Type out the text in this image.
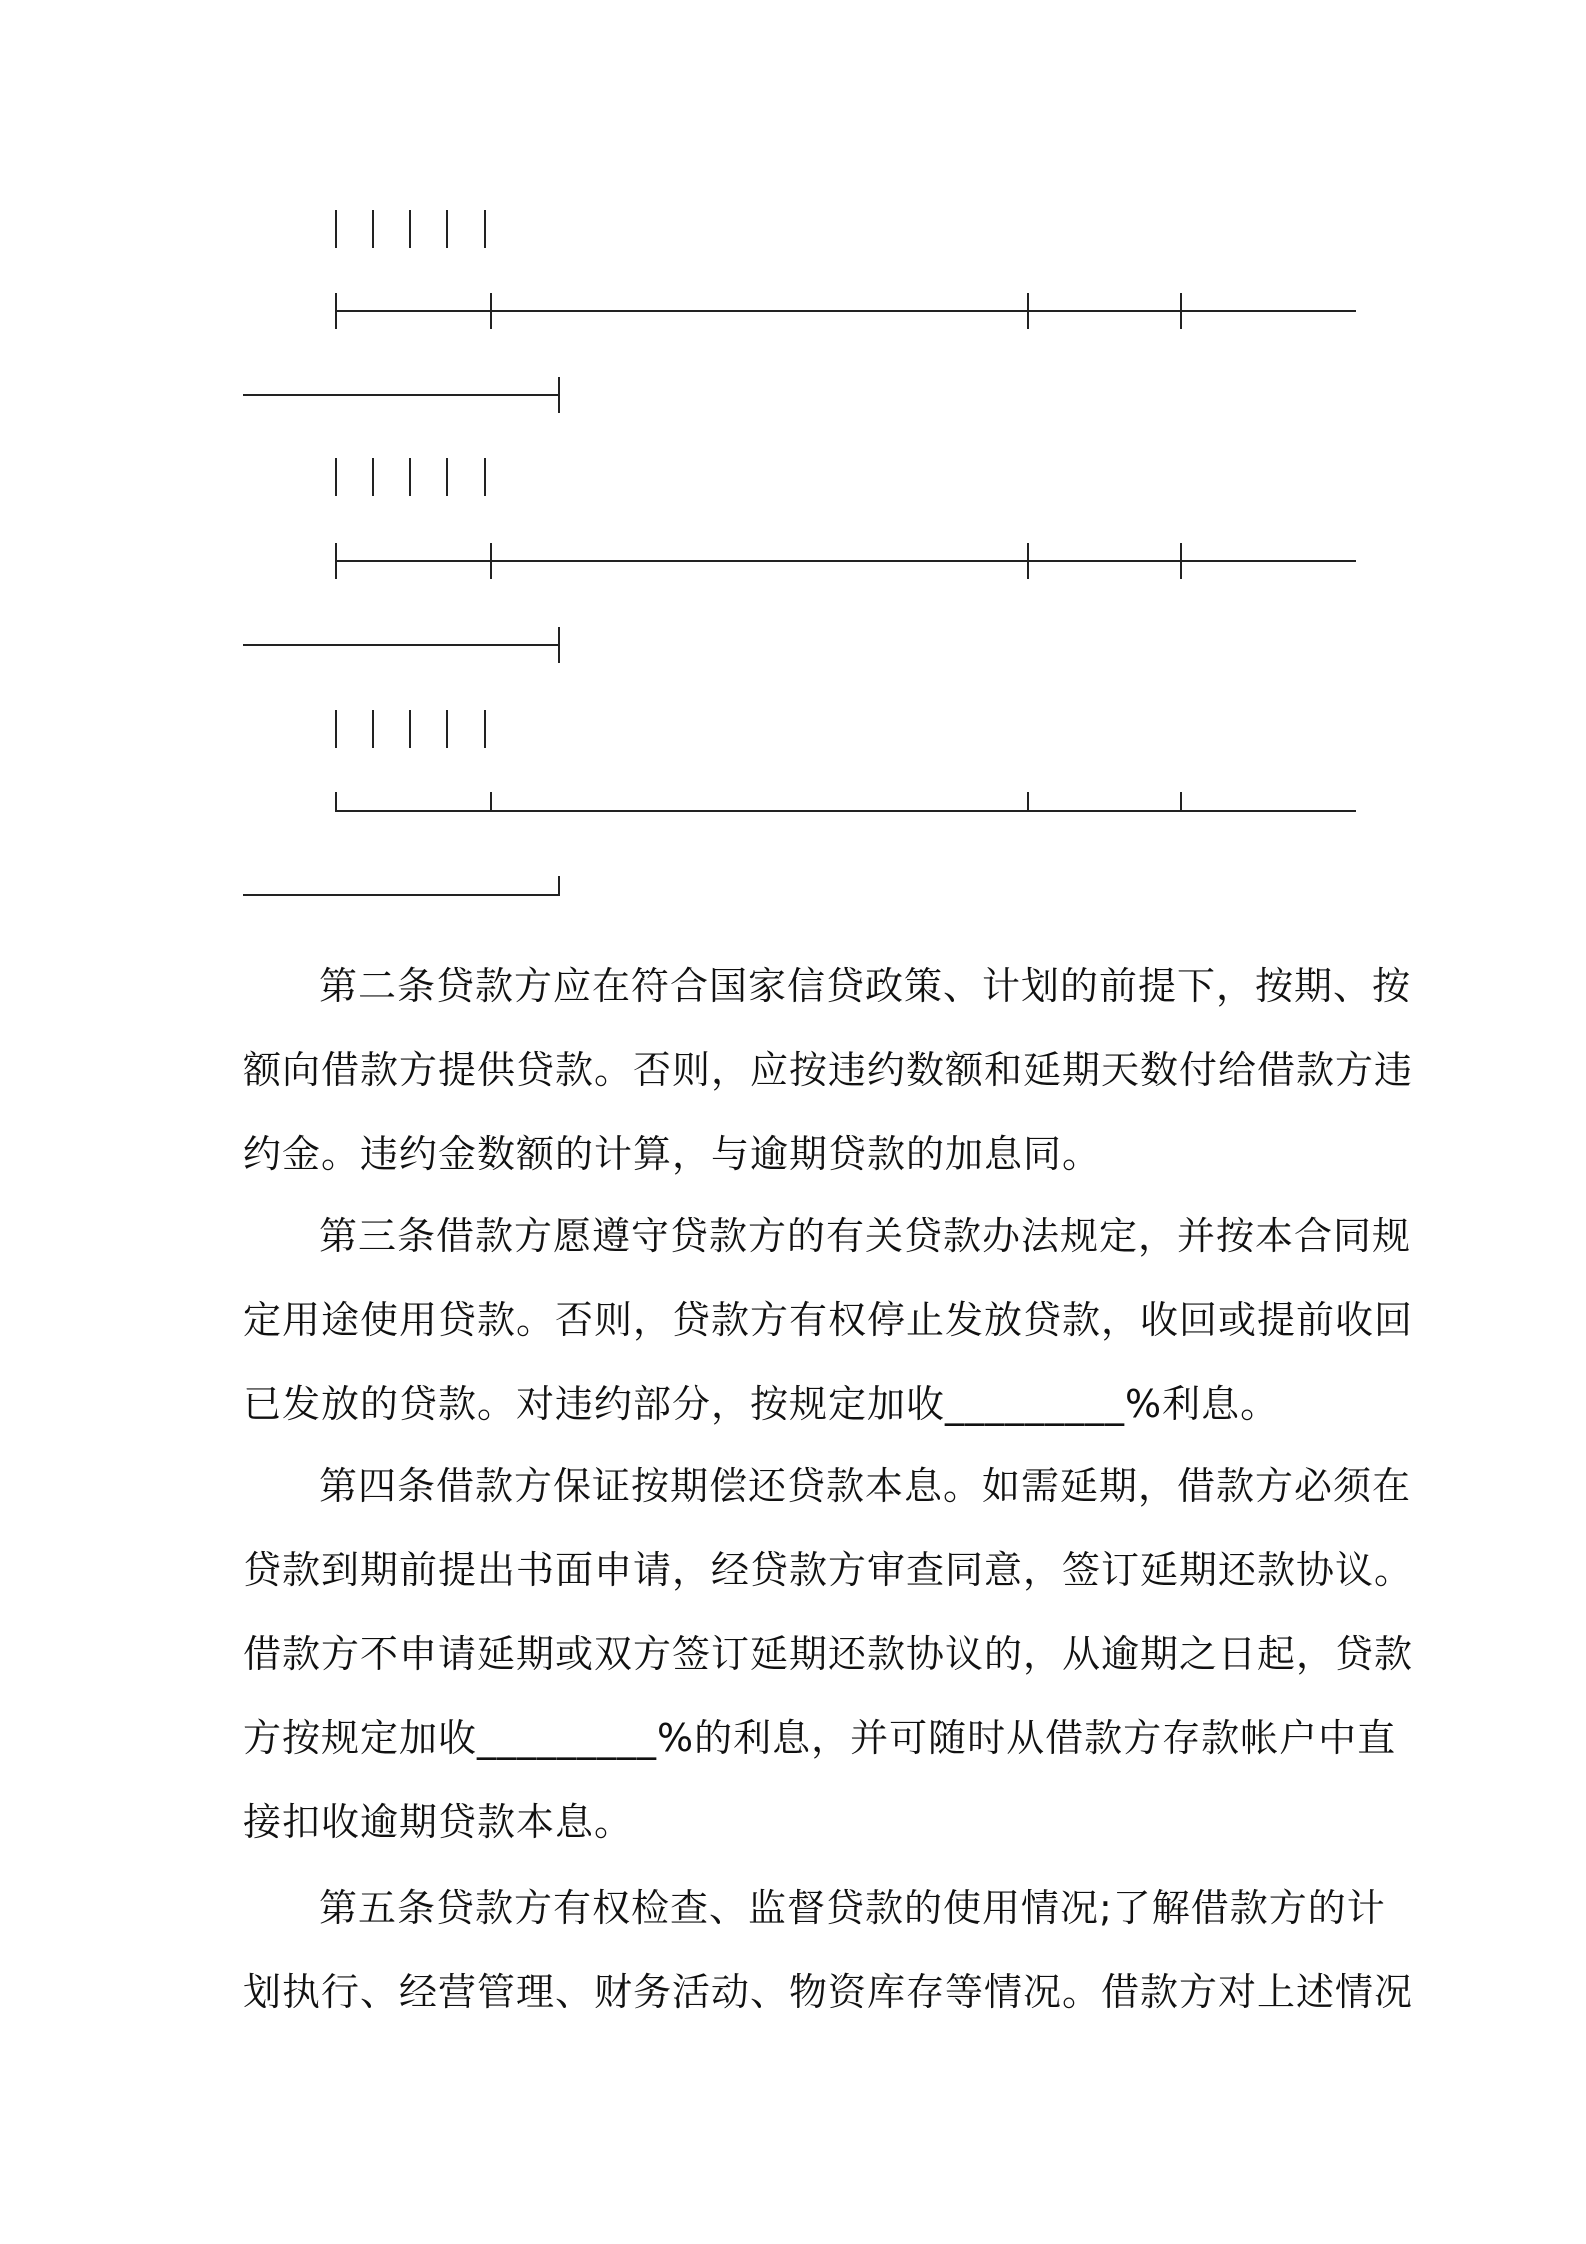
第二条贷款方应在符合国家信贷政策、计划的前提下，按期、按
额向借款方提供贷款。否则，应按违约数额和延期天数付给借款方违
约金。违约金数额的计算，与逾期贷款的加息同。

第三条借款方愿遵守贷款方的有关贷款办法规定，并按本合同规
定用途使用贷款。否则，贷款方有权停止发放贷款，收回或提前收回
已发放的贷款。对违约部分，按规定加收_________%利息。

第四条借款方保证按期偿还贷款本息。如需延期，借款方必须在
贷款到期前提出书面申请，经贷款方审查同意，签订延期还款协议。
借款方不申请延期或双方签订延期还款协议的，从逾期之日起，贷款
方按规定加收_________%的利息，并可随时从借款方存款帐户中直
接扣收逾期贷款本息。

第五条贷款方有权检查、监督贷款的使用情况;了解借款方的计
划执行、经营管理、财务活动、物资库存等情况。借款方对上述情况
